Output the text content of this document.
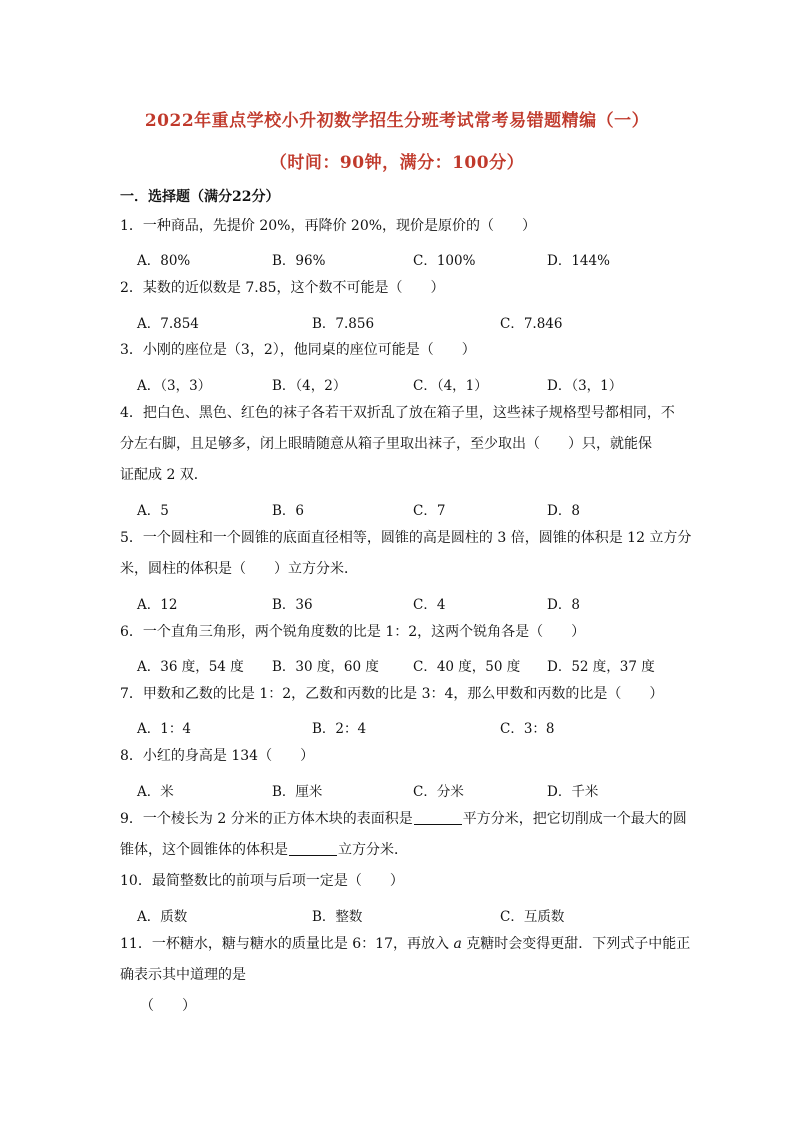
2022年重点学校小升初数学招生分班考试常考易错题精编（一）
（时间：90钟，满分：100分）
一．选择题（满分22分）
1．一种商品，先提价 20%，再降价 20%，现价是原价的（　　）
A．80%	B．96%	C．100%	D．144%
2．某数的近似数是 7.85，这个数不可能是（　　）
A．7.854	B．7.856	C．7.846
3．小刚的座位是（3，2），他同桌的座位可能是（　　）
A．（3，3）	B．（4，2）	C．（4，1）	D．（3，1）
4．把白色、黑色、红色的袜子各若干双折乱了放在箱子里，这些袜子规格型号都相同，不
分左右脚，且足够多，闭上眼睛随意从箱子里取出袜子，至少取出（　　）只，就能保
证配成 2 双．
A．5	B．6	C．7	D．8
5．一个圆柱和一个圆锥的底面直径相等，圆锥的高是圆柱的 3 倍，圆锥的体积是 12 立方分
米，圆柱的体积是（　　）立方分米．
A．12	B．36	C．4	D．8
6．一个直角三角形，两个锐角度数的比是 1：2，这两个锐角各是（　　）
A．36 度，54 度 B．30 度，60 度	C．40 度，50 度 D．52 度，37 度
7．甲数和乙数的比是 1：2，乙数和丙数的比是 3：4，那么甲数和丙数的比是（　　）
A．1：4	B．2：4	C．3：8
8．小红的身高是 134（　　）
A．米	B．厘米	C．分米	D．千米
9．一个棱长为 2 分米的正方体木块的表面积是	平方分米，把它切削成一个最大的圆
锥体，这个圆锥体的体积是	立方分米．
10．最简整数比的前项与后项一定是（　　）
A．质数	B．整数	C．互质数
11．一杯糖水，糖与糖水的质量比是 6：17，再放入 a 克糖时会变得更甜．下列式子中能正
确表示其中道理的是
（　　）
